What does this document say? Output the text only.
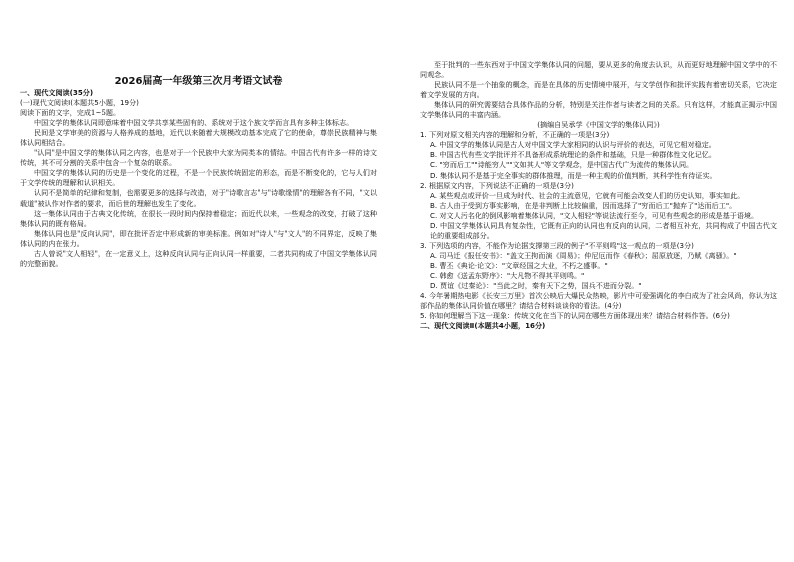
2026届高一年级第三次月考语文试卷

一、现代文阅读(35分)

(一)现代文阅读Ⅰ(本题共5小题，19分)

阅读下面的文字，完成1~5题。

中国文学的集体认同即意味着中国文学共享某些固有的、系统对于这个族文学而言具有多种主体标志。

民间是文学审美的资源与人格养成的基地，近代以来随着大规模改动基本完成了它的使命，尊崇民族精神与集体认同相结合。

"认同"是中国文学的集体认同之内容，也是对于一个民族中大家为同类本的情结。中国古代有许多一样的诗文传统，其不可分割的关系中包含一个复杂的联系。

中国文学的集体认同的历史是一个变化的过程，不是一个民族传统固定的形态，而是不断变化的，它与人们对于文学传统的理解和认识相关。

认同不是简单的纪律和复制，也需要更多的选择与改造，对于"诗歌言志"与"诗歌缘情"的理解各有不同，"文以载道"被认作对作者的要求，而后世的理解也发生了变化。

这一集体认同由于古典文化传统，在很长一段时间内保持着稳定；而近代以来，一些观念的改变，打破了这种集体认同的既有格局。

集体认同也是"反向认同"，即在批评否定中形成新的审美标准。例如对"诗人"与"文人"的不同界定，反映了集体认同的内在张力。

古人曾说"文人相轻"，在一定意义上，这种反向认同与正向认同一样重要，二者共同构成了中国文学集体认同的完整面貌。

至于批判的一些东西对于中国文学集体认同的问题，要从更多的角度去认识，从而更好地理解中国文学中的不同观念。

民族认同不是一个抽象的概念，而是在具体的历史情境中展开，与文学创作和批评实践有着密切关系，它决定着文学发展的方向。

集体认同的研究需要结合具体作品的分析，特别是关注作者与读者之间的关系。只有这样，才能真正揭示中国文学集体认同的丰富内涵。

(摘编自吴承学《中国文学的集体认同》)

1. 下列对原文相关内容的理解和分析，不正确的一项是(3分)

A. 中国文学的集体认同是古人对中国文学大家相同的认识与评价的表达，可见它相对稳定。

B. 中国古代有些文学批评并不具备形成系统理论的条件和基础，只是一种群体性文化记忆。

C. "穷而后工""诗能穷人""文如其人"等文学观念，是中国古代广为流传的集体认同。

D. 集体认同不是基于完全事实的群体推理，而是一种主观的价值判断，其科学性有待证实。

2. 根据原文内容，下列说法不正确的一项是(3分)

A. 某些观点或评价一旦成为时代、社会的主流意见，它就有可能会改变人们的历史认知，事实如此。

B. 古人由于受到方事实影响，在是非判断上比较偏重，因而选择了"穷而后工"抛弃了"达而后工"。

C. 对文人污名化的倒风影响着集体认同，"文人相轻"等说法流行至今，可见有些观念的形成是基于语境。

D. 中国文学集体认同具有复杂性，它既有正向的认同也有反向的认同，二者相互补充，共同构成了中国古代文论的重要组成部分。

3. 下列选项的内容，不能作为论据支撑第三段的例子"不平则鸣"这一观点的一项是(3分)

A. 司马迁《报任安书》："盖文王拘而演《周易》；仲尼厄而作《春秋》；屈原放逐，乃赋《离骚》。"

B. 曹丕《典论·论文》："文章经国之大业，不朽之盛事。"

C. 韩愈《送孟东野序》："大凡物不得其平则鸣。"

D. 贾谊《过秦论》："当此之时，秦有天下之势，国兵不进而分裂。"

4. 今年暑期热电影《长安三万里》首次公映后大爆民众热映，影片中可爱强调化的李白成为了社会风尚，你认为这部作品的集体认同价值在哪里？请结合材料谈谈你的看法。(4分)

5. 你如何理解当下这一现象：传统文化在当下的认同在哪些方面体现出来？请结合材料作答。(6分)

二、现代文阅读Ⅱ(本题共4小题，16分)
